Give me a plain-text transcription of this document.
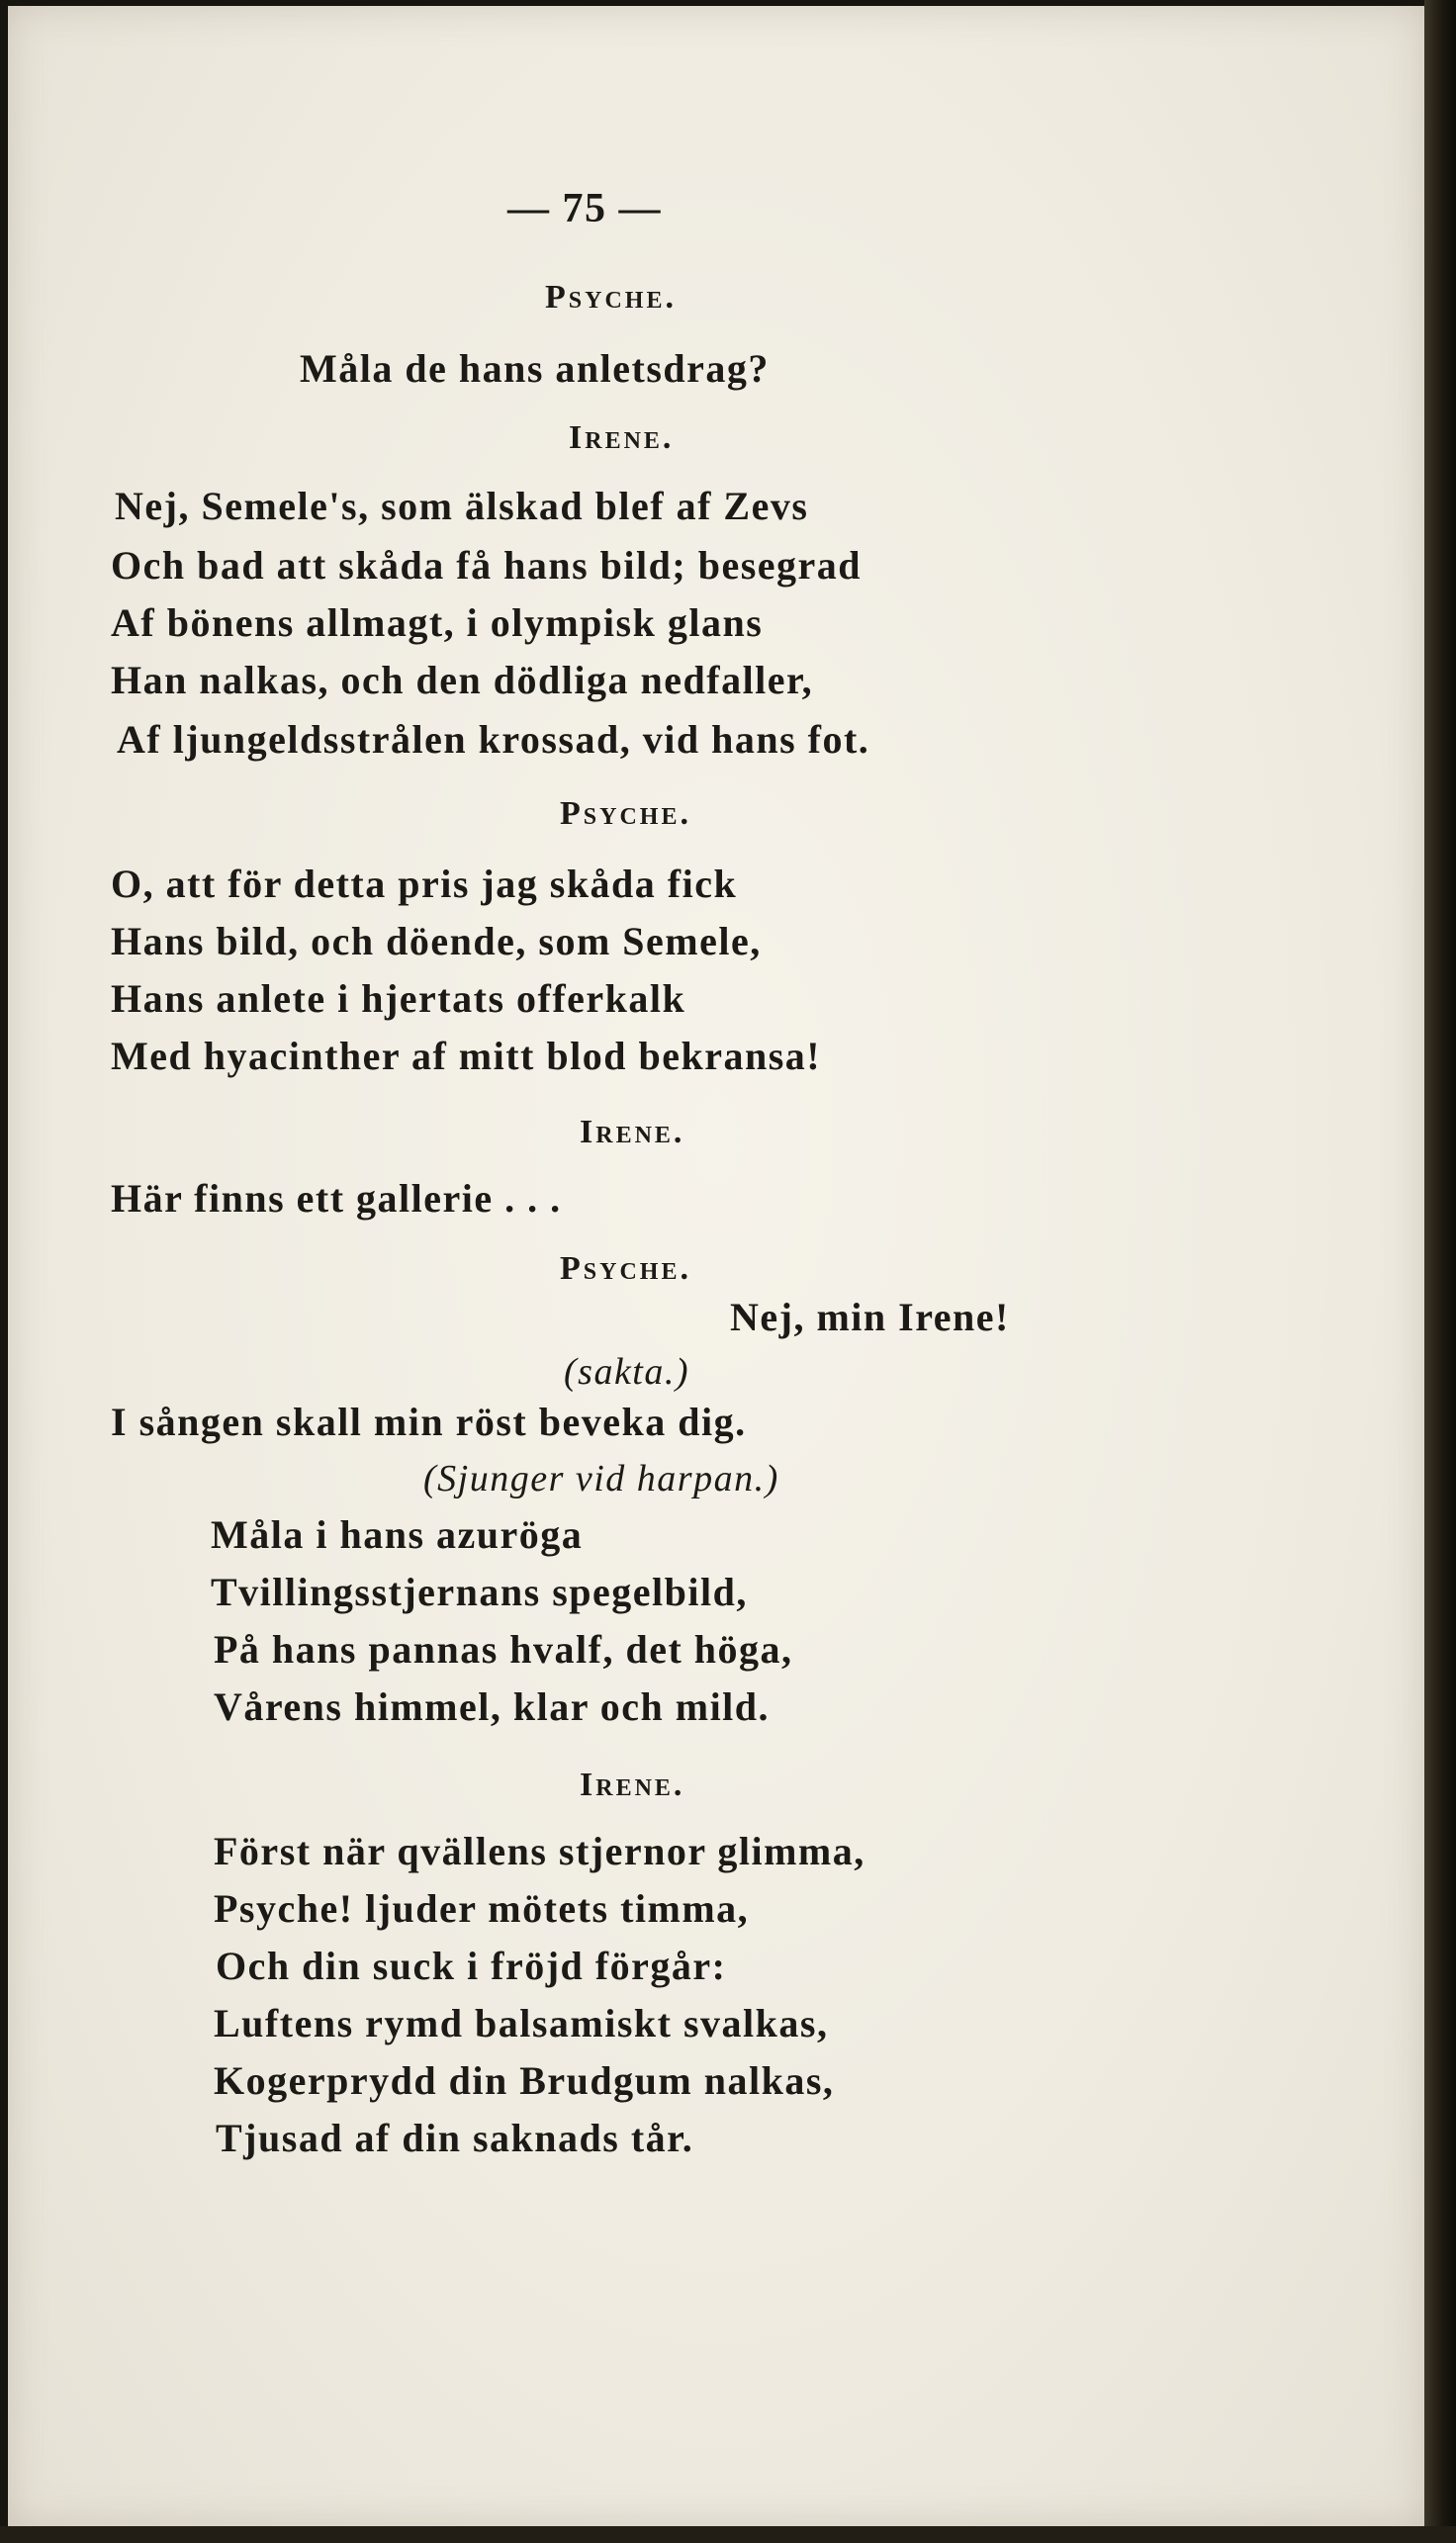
— 75 —
Psyche.
Måla de hans anletsdrag?
Irene.
Nej, Semele's, som älskad blef af Zevs
Och bad att skåda få hans bild; besegrad
Af bönens allmagt, i olympisk glans
Han nalkas, och den dödliga nedfaller,
Af ljungeldsstrålen krossad, vid hans fot.
Psyche.
O, att för detta pris jag skåda fick
Hans bild, och döende, som Semele,
Hans anlete i hjertats offerkalk
Med hyacinther af mitt blod bekransa!
Irene.
Här finns ett gallerie . . .
Psyche.
Nej, min Irene!
(sakta.)
I sången skall min röst beveka dig.
(Sjunger vid harpan.)
Måla i hans azuröga
Tvillingsstjernans spegelbild,
På hans pannas hvalf, det höga,
Vårens himmel, klar och mild.
Irene.
Först när qvällens stjernor glimma,
Psyche! ljuder mötets timma,
Och din suck i fröjd förgår:
Luftens rymd balsamiskt svalkas,
Kogerprydd din Brudgum nalkas,
Tjusad af din saknads tår.
